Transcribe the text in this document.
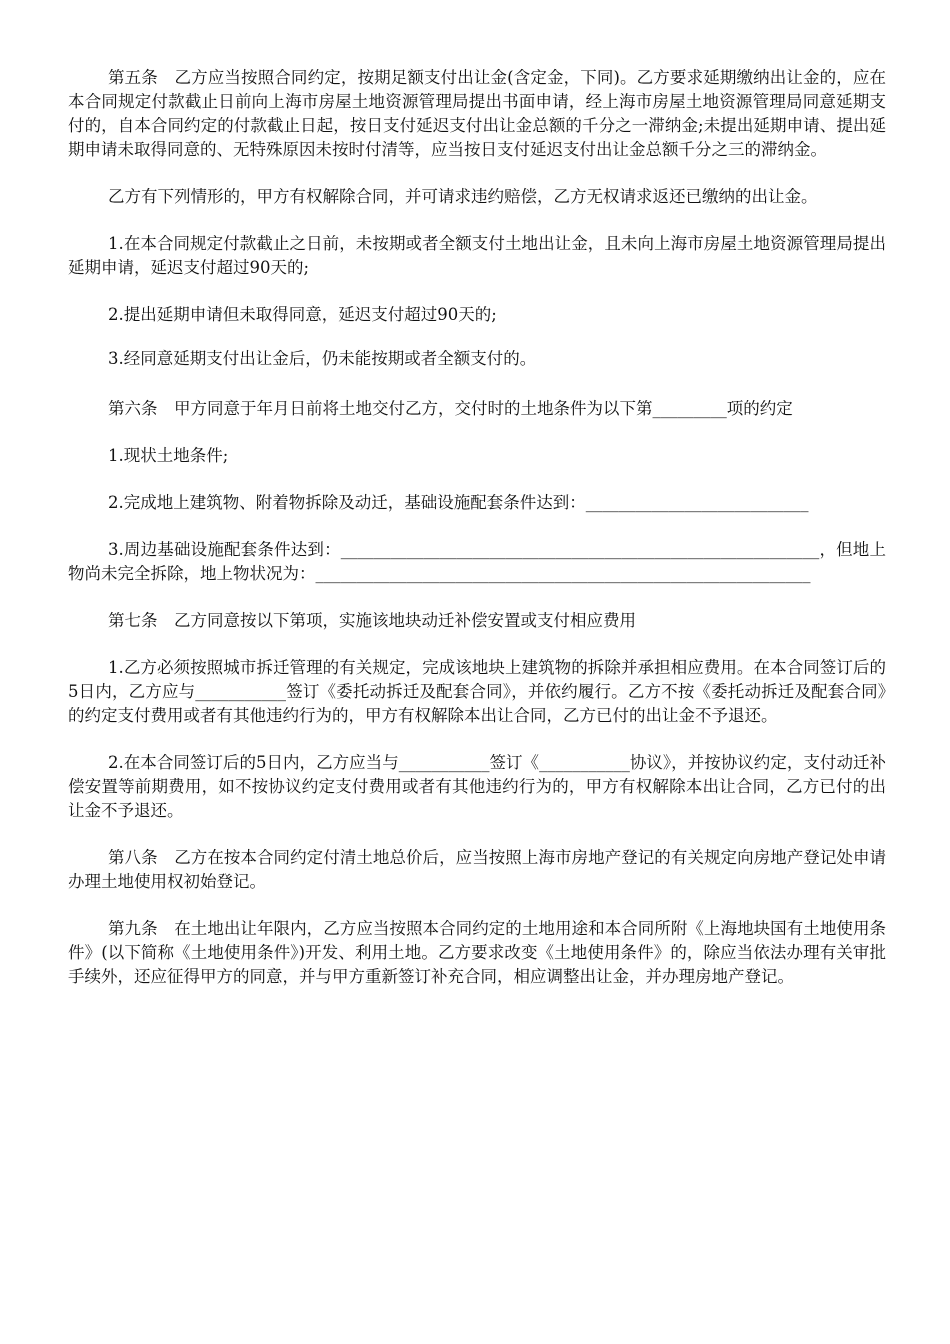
第五条　乙方应当按照合同约定，按期足额支付出让金(含定金，下同)。乙方要求延期缴纳出让金的，应在本合同规定付款截止日前向上海市房屋土地资源管理局提出书面申请，经上海市房屋土地资源管理局同意延期支付的，自本合同约定的付款截止日起，按日支付延迟支付出让金总额的千分之一滞纳金;未提出延期申请、提出延期申请未取得同意的、无特殊原因未按时付清等，应当按日支付延迟支付出让金总额千分之三的滞纳金。

乙方有下列情形的，甲方有权解除合同，并可请求违约赔偿，乙方无权请求返还已缴纳的出让金。

1.在本合同规定付款截止之日前，未按期或者全额支付土地出让金，且未向上海市房屋土地资源管理局提出延期申请，延迟支付超过90天的;

2.提出延期申请但未取得同意，延迟支付超过90天的;

3.经同意延期支付出让金后，仍未能按期或者全额支付的。

第六条　甲方同意于年月日前将土地交付乙方，交付时的土地条件为以下第_________项的约定

1.现状土地条件;

2.完成地上建筑物、附着物拆除及动迁，基础设施配套条件达到：___________________________

3.周边基础设施配套条件达到：__________________________________________________________，但地上物尚未完全拆除，地上物状况为：____________________________________________________________

第七条　乙方同意按以下第项，实施该地块动迁补偿安置或支付相应费用

1.乙方必须按照城市拆迁管理的有关规定，完成该地块上建筑物的拆除并承担相应费用。在本合同签订后的5日内，乙方应与___________签订《委托动拆迁及配套合同》，并依约履行。乙方不按《委托动拆迁及配套合同》的约定支付费用或者有其他违约行为的，甲方有权解除本出让合同，乙方已付的出让金不予退还。

2.在本合同签订后的5日内，乙方应当与___________签订《___________协议》，并按协议约定，支付动迁补偿安置等前期费用，如不按协议约定支付费用或者有其他违约行为的，甲方有权解除本出让合同，乙方已付的出让金不予退还。

第八条　乙方在按本合同约定付清土地总价后，应当按照上海市房地产登记的有关规定向房地产登记处申请办理土地使用权初始登记。

第九条　在土地出让年限内，乙方应当按照本合同约定的土地用途和本合同所附《上海地块国有土地使用条件》(以下简称《土地使用条件》)开发、利用土地。乙方要求改变《土地使用条件》的，除应当依法办理有关审批手续外，还应征得甲方的同意，并与甲方重新签订补充合同，相应调整出让金，并办理房地产登记。
